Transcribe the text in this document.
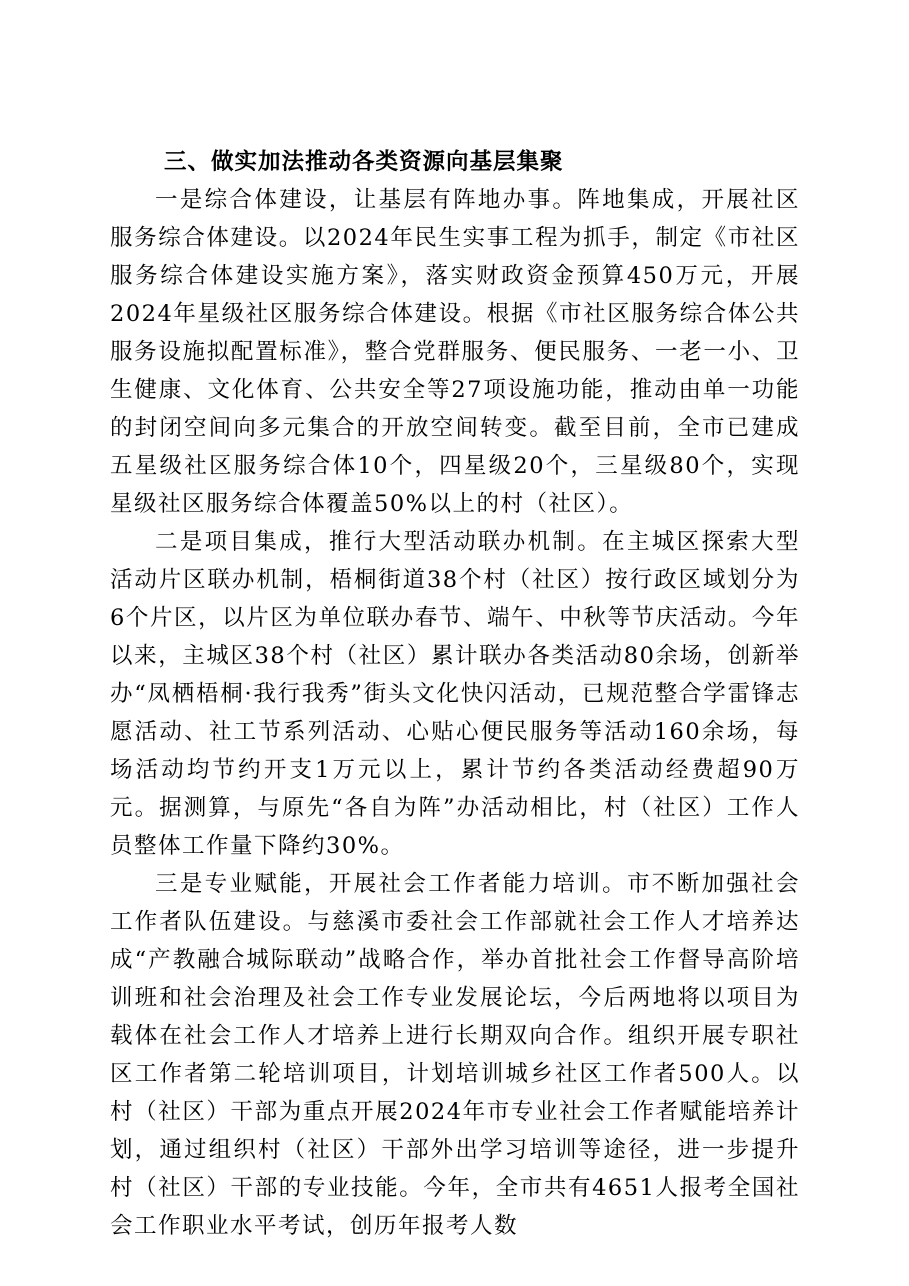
三、做实加法推动各类资源向基层集聚

一是综合体建设，让基层有阵地办事。阵地集成，开展社区服务综合体建设。以2024年民生实事工程为抓手，制定《市社区服务综合体建设实施方案》，落实财政资金预算450万元，开展2024年星级社区服务综合体建设。根据《市社区服务综合体公共服务设施拟配置标准》，整合党群服务、便民服务、一老一小、卫生健康、文化体育、公共安全等27项设施功能，推动由单一功能的封闭空间向多元集合的开放空间转变。截至目前，全市已建成五星级社区服务综合体10个，四星级20个，三星级80个，实现星级社区服务综合体覆盖50%以上的村（社区）。

二是项目集成，推行大型活动联办机制。在主城区探索大型活动片区联办机制，梧桐街道38个村（社区）按行政区域划分为6个片区，以片区为单位联办春节、端午、中秋等节庆活动。今年以来，主城区38个村（社区）累计联办各类活动80余场，创新举办“凤栖梧桐·我行我秀”街头文化快闪活动，已规范整合学雷锋志愿活动、社工节系列活动、心贴心便民服务等活动160余场，每场活动均节约开支1万元以上，累计节约各类活动经费超90万元。据测算，与原先“各自为阵”办活动相比，村（社区）工作人员整体工作量下降约30%。

三是专业赋能，开展社会工作者能力培训。市不断加强社会工作者队伍建设。与慈溪市委社会工作部就社会工作人才培养达成“产教融合城际联动”战略合作，举办首批社会工作督导高阶培训班和社会治理及社会工作专业发展论坛，今后两地将以项目为载体在社会工作人才培养上进行长期双向合作。组织开展专职社区工作者第二轮培训项目，计划培训城乡社区工作者500人。以村（社区）干部为重点开展2024年市专业社会工作者赋能培养计划，通过组织村（社区）干部外出学习培训等途径，进一步提升村（社区）干部的专业技能。今年，全市共有4651人报考全国社会工作职业水平考试，创历年报考人数
